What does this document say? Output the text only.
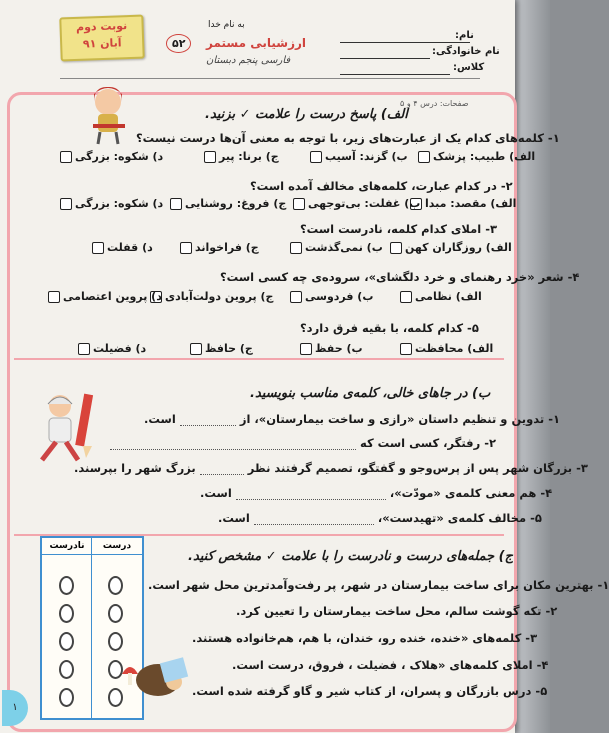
نوبت دوم
آبان ۹۱
به نام خدا
ارزشیابی مستمر
فارسی پنجم دبستان
۵۲
نام:
نام خانوادگی:
کلاس:
صفحات: درس ۴ و ۵
الف) پاسخ درست را علامت ✓ بزنید.
۱- کلمه‌های کدام یک از عبارت‌های زیر، با توجه به معنی آن‌ها درست نیست؟
الف) طبیب: پزشک
ب) گزند: آسیب
ج) برنا: پیر
د) شکوه: بزرگی
۲- در کدام عبارت، کلمه‌های مخالف آمده است؟
الف) مقصد: مبدا
ب) غفلت: بی‌توجهی
ج) فروغ: روشنایی
د) شکوه: بزرگی
۳- املای کدام کلمه، نادرست است؟
الف) روزگاران کهن
ب) نمی‌گذشت
ج) فراخواند
د) قفلت
۴- شعر «خرد رهنمای و خرد دلگشای»، سروده‌ی چه کسی است؟
الف) نظامی
ب) فردوسی
ج) پروین دولت‌آبادی
د) پروین اعتصامی
۵- کدام کلمه، با بقیه فرق دارد؟
الف) محافظت
ب) حفظ
ج) حافظ
د) فضیلت
ب) در جاهای خالی، کلمه‌ی مناسب بنویسید.
۱- تدوین و تنظیم داستان «رازی و ساخت بیمارستان»، از  است.
۲- رفتگر، کسی است که
۳- بزرگان شهر پس از پرس‌وجو و گفتگو، تصمیم گرفتند نظر  بزرگ شهر را بپرسند.
۴- هم معنی کلمه‌ی «مودّت»،  است.
۵- مخالف کلمه‌ی «تهیدست»،  است.
ج) جمله‌های درست و نادرست را با علامت ✓ مشخص کنید.
نادرست	درست
۱- بهترین مکان برای ساخت بیمارستان در شهر، پر رفت‌وآمدترین محل شهر است.
۲- تکه گوشت سالم، محل ساخت بیمارستان را تعیین کرد.
۳- کلمه‌های «خنده، خنده رو، خندان، با هم، هم‌خانواده هستند.
۴- املای کلمه‌های «هلاک ، فضیلت ، فروق، درست است.
۵- درس بازرگان و پسران، از کتاب شیر و گاو گرفته شده است.
۱
